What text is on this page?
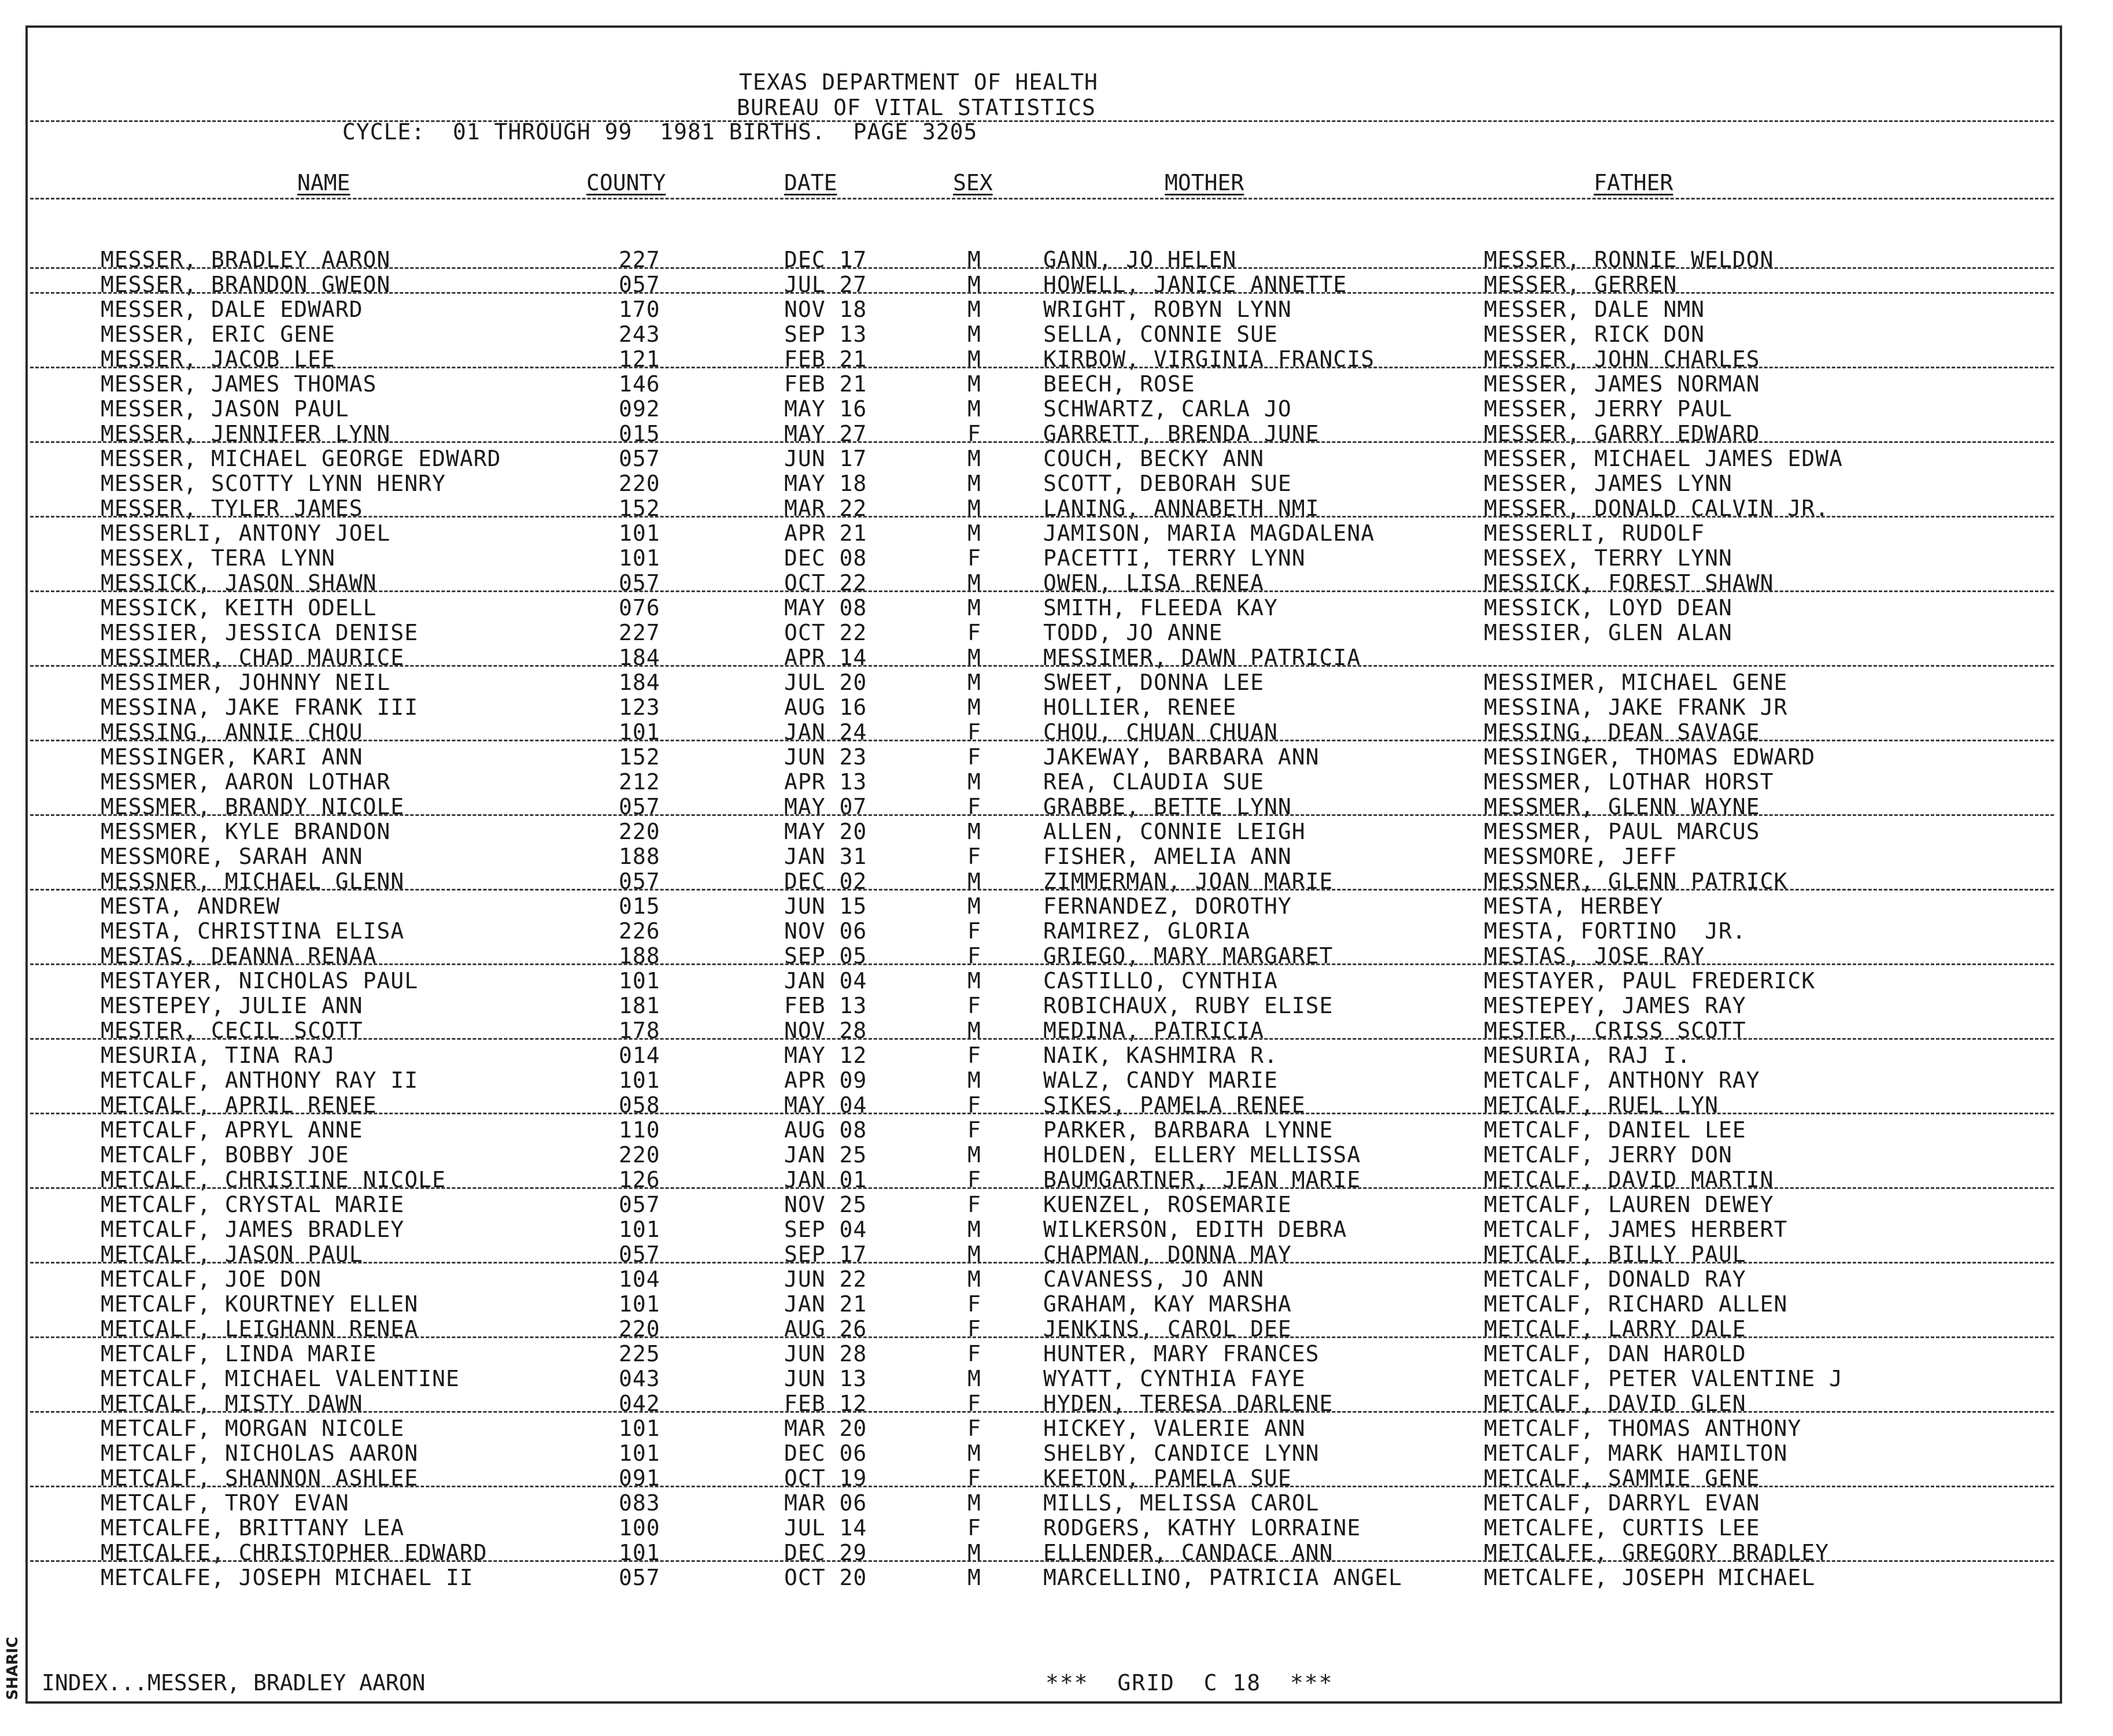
TEXAS DEPARTMENT OF HEALTH
BUREAU OF VITAL STATISTICS
CYCLE:  01 THROUGH 99  1981 BIRTHS.  PAGE 3205
NAME	COUNTY	DATE	SEX	MOTHER	FATHER
MESSER, BRADLEY AARON	227	DEC 17	M	GANN, JO HELEN	MESSER, RONNIE WELDON
MESSER, BRANDON GWEON	057	JUL 27	M	HOWELL, JANICE ANNETTE	MESSER, GERREN
MESSER, DALE EDWARD	170	NOV 18	M	WRIGHT, ROBYN LYNN	MESSER, DALE NMN
MESSER, ERIC GENE	243	SEP 13	M	SELLA, CONNIE SUE	MESSER, RICK DON
MESSER, JACOB LEE	121	FEB 21	M	KIRBOW, VIRGINIA FRANCIS	MESSER, JOHN CHARLES
MESSER, JAMES THOMAS	146	FEB 21	M	BEECH, ROSE	MESSER, JAMES NORMAN
MESSER, JASON PAUL	092	MAY 16	M	SCHWARTZ, CARLA JO	MESSER, JERRY PAUL
MESSER, JENNIFER LYNN	015	MAY 27	F	GARRETT, BRENDA JUNE	MESSER, GARRY EDWARD
MESSER, MICHAEL GEORGE EDWARD	057	JUN 17	M	COUCH, BECKY ANN	MESSER, MICHAEL JAMES EDWA
MESSER, SCOTTY LYNN HENRY	220	MAY 18	M	SCOTT, DEBORAH SUE	MESSER, JAMES LYNN
MESSER, TYLER JAMES	152	MAR 22	M	LANING, ANNABETH NMI	MESSER, DONALD CALVIN JR.
MESSERLI, ANTONY JOEL	101	APR 21	M	JAMISON, MARIA MAGDALENA	MESSERLI, RUDOLF
MESSEX, TERA LYNN	101	DEC 08	F	PACETTI, TERRY LYNN	MESSEX, TERRY LYNN
MESSICK, JASON SHAWN	057	OCT 22	M	OWEN, LISA RENEA	MESSICK, FOREST SHAWN
MESSICK, KEITH ODELL	076	MAY 08	M	SMITH, FLEEDA KAY	MESSICK, LOYD DEAN
MESSIER, JESSICA DENISE	227	OCT 22	F	TODD, JO ANNE	MESSIER, GLEN ALAN
MESSIMER, CHAD MAURICE	184	APR 14	M	MESSIMER, DAWN PATRICIA
MESSIMER, JOHNNY NEIL	184	JUL 20	M	SWEET, DONNA LEE	MESSIMER, MICHAEL GENE
MESSINA, JAKE FRANK III	123	AUG 16	M	HOLLIER, RENEE	MESSINA, JAKE FRANK JR
MESSING, ANNIE CHOU	101	JAN 24	F	CHOU, CHUAN CHUAN	MESSING, DEAN SAVAGE
MESSINGER, KARI ANN	152	JUN 23	F	JAKEWAY, BARBARA ANN	MESSINGER, THOMAS EDWARD
MESSMER, AARON LOTHAR	212	APR 13	M	REA, CLAUDIA SUE	MESSMER, LOTHAR HORST
MESSMER, BRANDY NICOLE	057	MAY 07	F	GRABBE, BETTE LYNN	MESSMER, GLENN WAYNE
MESSMER, KYLE BRANDON	220	MAY 20	M	ALLEN, CONNIE LEIGH	MESSMER, PAUL MARCUS
MESSMORE, SARAH ANN	188	JAN 31	F	FISHER, AMELIA ANN	MESSMORE, JEFF
MESSNER, MICHAEL GLENN	057	DEC 02	M	ZIMMERMAN, JOAN MARIE	MESSNER, GLENN PATRICK
MESTA, ANDREW	015	JUN 15	M	FERNANDEZ, DOROTHY	MESTA, HERBEY
MESTA, CHRISTINA ELISA	226	NOV 06	F	RAMIREZ, GLORIA	MESTA, FORTINO  JR.
MESTAS, DEANNA RENAA	188	SEP 05	F	GRIEGO, MARY MARGARET	MESTAS, JOSE RAY
MESTAYER, NICHOLAS PAUL	101	JAN 04	M	CASTILLO, CYNTHIA	MESTAYER, PAUL FREDERICK
MESTEPEY, JULIE ANN	181	FEB 13	F	ROBICHAUX, RUBY ELISE	MESTEPEY, JAMES RAY
MESTER, CECIL SCOTT	178	NOV 28	M	MEDINA, PATRICIA	MESTER, CRISS SCOTT
MESURIA, TINA RAJ	014	MAY 12	F	NAIK, KASHMIRA R.	MESURIA, RAJ I.
METCALF, ANTHONY RAY II	101	APR 09	M	WALZ, CANDY MARIE	METCALF, ANTHONY RAY
METCALF, APRIL RENEE	058	MAY 04	F	SIKES, PAMELA RENEE	METCALF, RUEL LYN
METCALF, APRYL ANNE	110	AUG 08	F	PARKER, BARBARA LYNNE	METCALF, DANIEL LEE
METCALF, BOBBY JOE	220	JAN 25	M	HOLDEN, ELLERY MELLISSA	METCALF, JERRY DON
METCALF, CHRISTINE NICOLE	126	JAN 01	F	BAUMGARTNER, JEAN MARIE	METCALF, DAVID MARTIN
METCALF, CRYSTAL MARIE	057	NOV 25	F	KUENZEL, ROSEMARIE	METCALF, LAUREN DEWEY
METCALF, JAMES BRADLEY	101	SEP 04	M	WILKERSON, EDITH DEBRA	METCALF, JAMES HERBERT
METCALF, JASON PAUL	057	SEP 17	M	CHAPMAN, DONNA MAY	METCALF, BILLY PAUL
METCALF, JOE DON	104	JUN 22	M	CAVANESS, JO ANN	METCALF, DONALD RAY
METCALF, KOURTNEY ELLEN	101	JAN 21	F	GRAHAM, KAY MARSHA	METCALF, RICHARD ALLEN
METCALF, LEIGHANN RENEA	220	AUG 26	F	JENKINS, CAROL DEE	METCALF, LARRY DALE
METCALF, LINDA MARIE	225	JUN 28	F	HUNTER, MARY FRANCES	METCALF, DAN HAROLD
METCALF, MICHAEL VALENTINE	043	JUN 13	M	WYATT, CYNTHIA FAYE	METCALF, PETER VALENTINE J
METCALF, MISTY DAWN	042	FEB 12	F	HYDEN, TERESA DARLENE	METCALF, DAVID GLEN
METCALF, MORGAN NICOLE	101	MAR 20	F	HICKEY, VALERIE ANN	METCALF, THOMAS ANTHONY
METCALF, NICHOLAS AARON	101	DEC 06	M	SHELBY, CANDICE LYNN	METCALF, MARK HAMILTON
METCALF, SHANNON ASHLEE	091	OCT 19	F	KEETON, PAMELA SUE	METCALF, SAMMIE GENE
METCALF, TROY EVAN	083	MAR 06	M	MILLS, MELISSA CAROL	METCALF, DARRYL EVAN
METCALFE, BRITTANY LEA	100	JUL 14	F	RODGERS, KATHY LORRAINE	METCALFE, CURTIS LEE
METCALFE, CHRISTOPHER EDWARD	101	DEC 29	M	ELLENDER, CANDACE ANN	METCALFE, GREGORY BRADLEY
METCALFE, JOSEPH MICHAEL II	057	OCT 20	M	MARCELLINO, PATRICIA ANGEL	METCALFE, JOSEPH MICHAEL
INDEX...MESSER, BRADLEY AARON	***  GRID  C 18  ***
SHARIC
